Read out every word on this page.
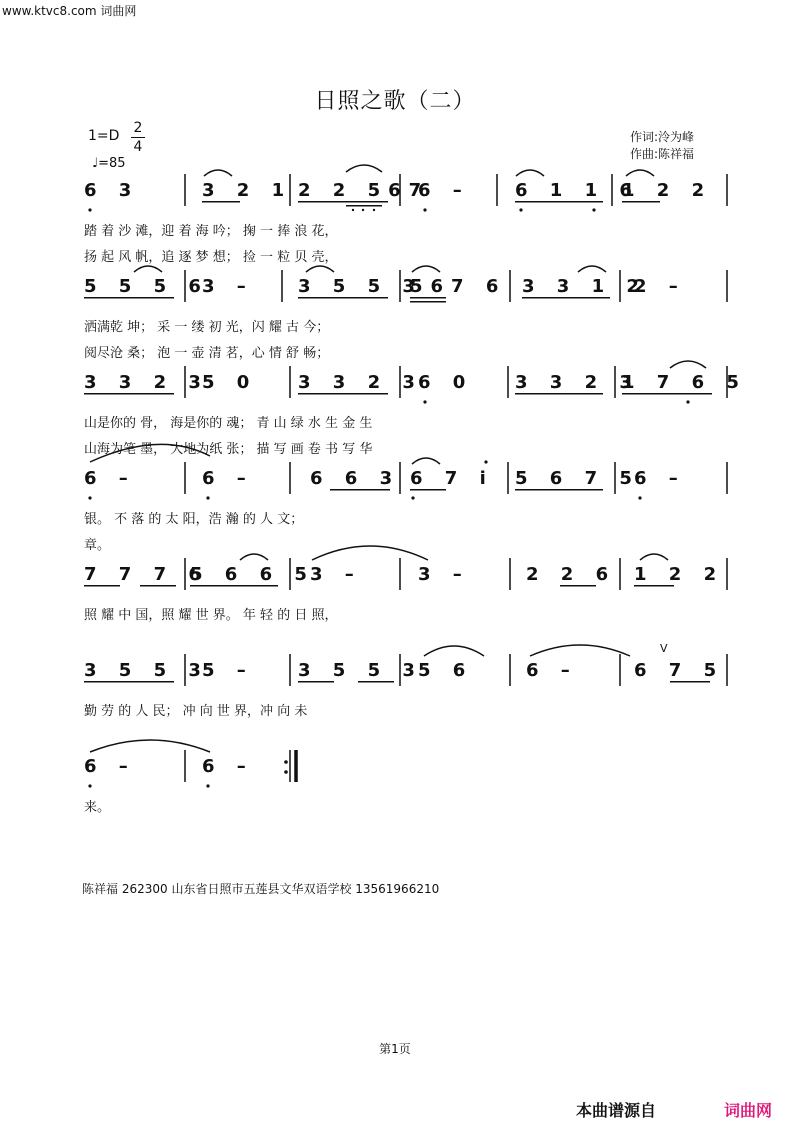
www.ktvc8.com 词曲网
日照之歌（二）
1=D 2
4
♩=85
作词:泠为峰
作曲:陈祥福
6 3	3 2 1 2 2 567
6 –	6 1 1 6
1 2 2
踏 着 沙 滩，迎 着 海 吟； 掬 一 捧 浪 花，
扬 起 风 帆，追 逐 梦 想； 捡 一 粒 贝 壳，
5 5 5 6
3 – 3 5 5 3
567 6 3 3 1 2
2 –
洒满乾 坤； 采 一 缕 初 光，闪 耀 古 今；
阅尽沧 桑； 泡 一 壶 清 茗，心 情 舒 畅；
3 3 2 3
5 0 3 3 2 3
6 0 3 3 2 3
1 7 6 5
山是你的 骨， 海是你的 魂； 青 山 绿 水 生 金 生
山海为笔 墨， 大地为纸 张； 描 写 画 卷 书 写 华
6 –	6 –	6 6 3 6 7 i 5 6 7 5
6 –
银。 不 落 的 太 阳，浩 瀚 的 人 文；
章。
7 7 7 6
5 6 6 5
3 –	3 –	2 2 6 1 2 2
照 耀 中 国，照 耀 世 界。 年 轻 的 日 照，
3 5 5 3
5 – 3 5 5 3
5 6	6 –	6 7 5
勤 劳 的 人 民； 冲 向 世 界，冲 向 未
6 –	6 –
来。
陈祥福 262300 山东省日照市五莲县文华双语学校 13561966210
第1页
本曲谱源自	词曲网
V
